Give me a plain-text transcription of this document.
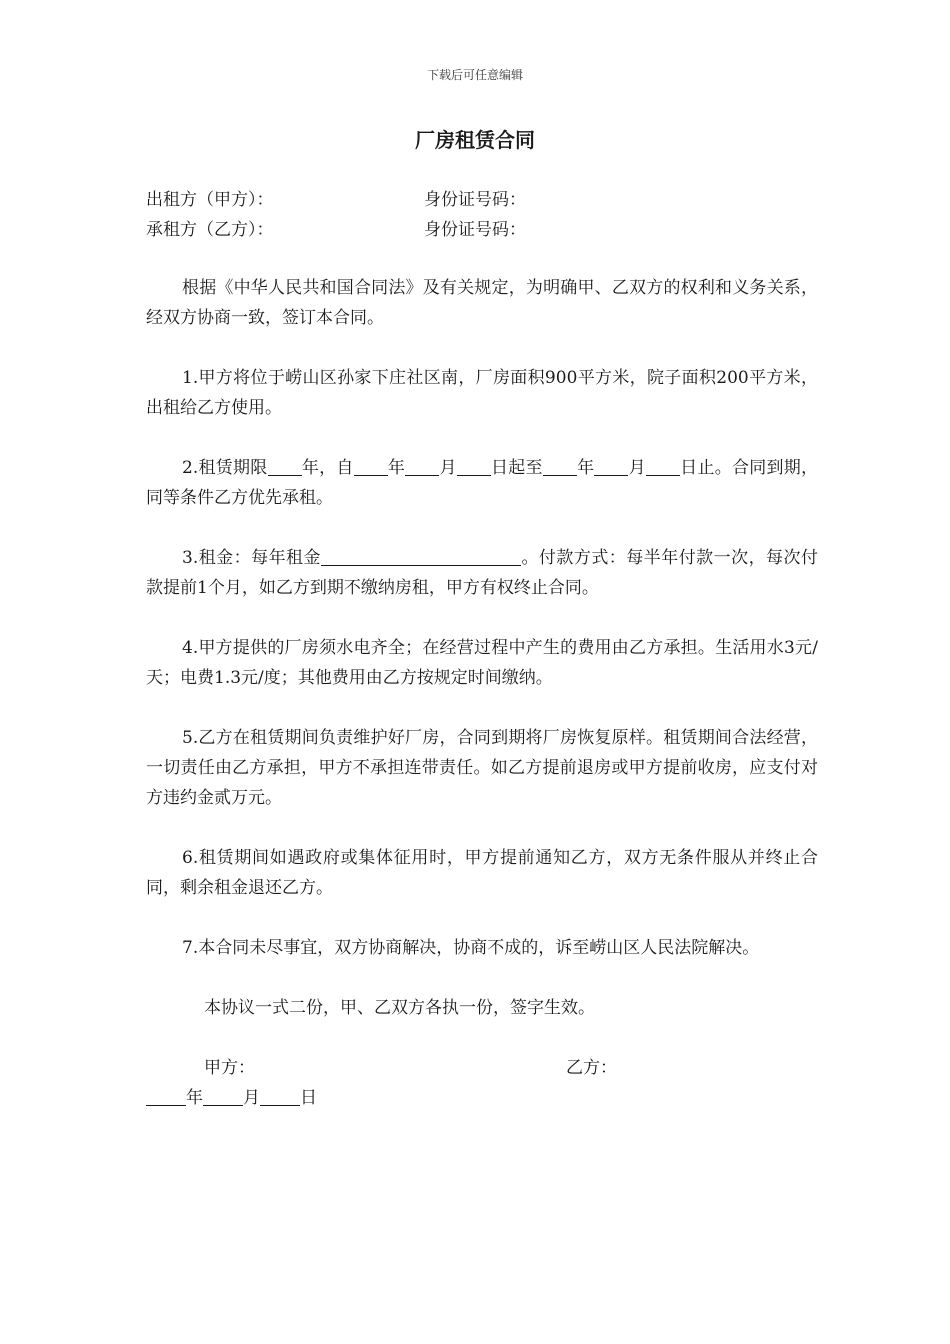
下载后可任意编辑
厂房租赁合同
出租方（甲方）：	身份证号码：
承租方（乙方）：	身份证号码：

根据《中华人民共和国合同法》及有关规定，为明确甲、乙双方的权利和义务关系，经双方协商一致，签订本合同。

1.甲方将位于崂山区孙家下庄社区南，厂房面积900平方米，院子面积200平方米，出租给乙方使用。

2.租赁期限 年，自 年 月 日起至 年 月 日止。合同到期，同等条件乙方优先承租。

3.租金：每年租金	。付款方式：每半年付款一次，每次付款提前1个月，如乙方到期不缴纳房租，甲方有权终止合同。

4.甲方提供的厂房须水电齐全；在经营过程中产生的费用由乙方承担。生活用水3元/天；电费1.3元/度；其他费用由乙方按规定时间缴纳。

5.乙方在租赁期间负责维护好厂房，合同到期将厂房恢复原样。租赁期间合法经营，一切责任由乙方承担，甲方不承担连带责任。如乙方提前退房或甲方提前收房，应支付对方违约金贰万元。

6.租赁期间如遇政府或集体征用时，甲方提前通知乙方，双方无条件服从并终止合同，剩余租金退还乙方。

7.本合同未尽事宜，双方协商解决，协商不成的，诉至崂山区人民法院解决。

本协议一式二份，甲、乙双方各执一份，签字生效。

甲方：	乙方：
年 月 日
